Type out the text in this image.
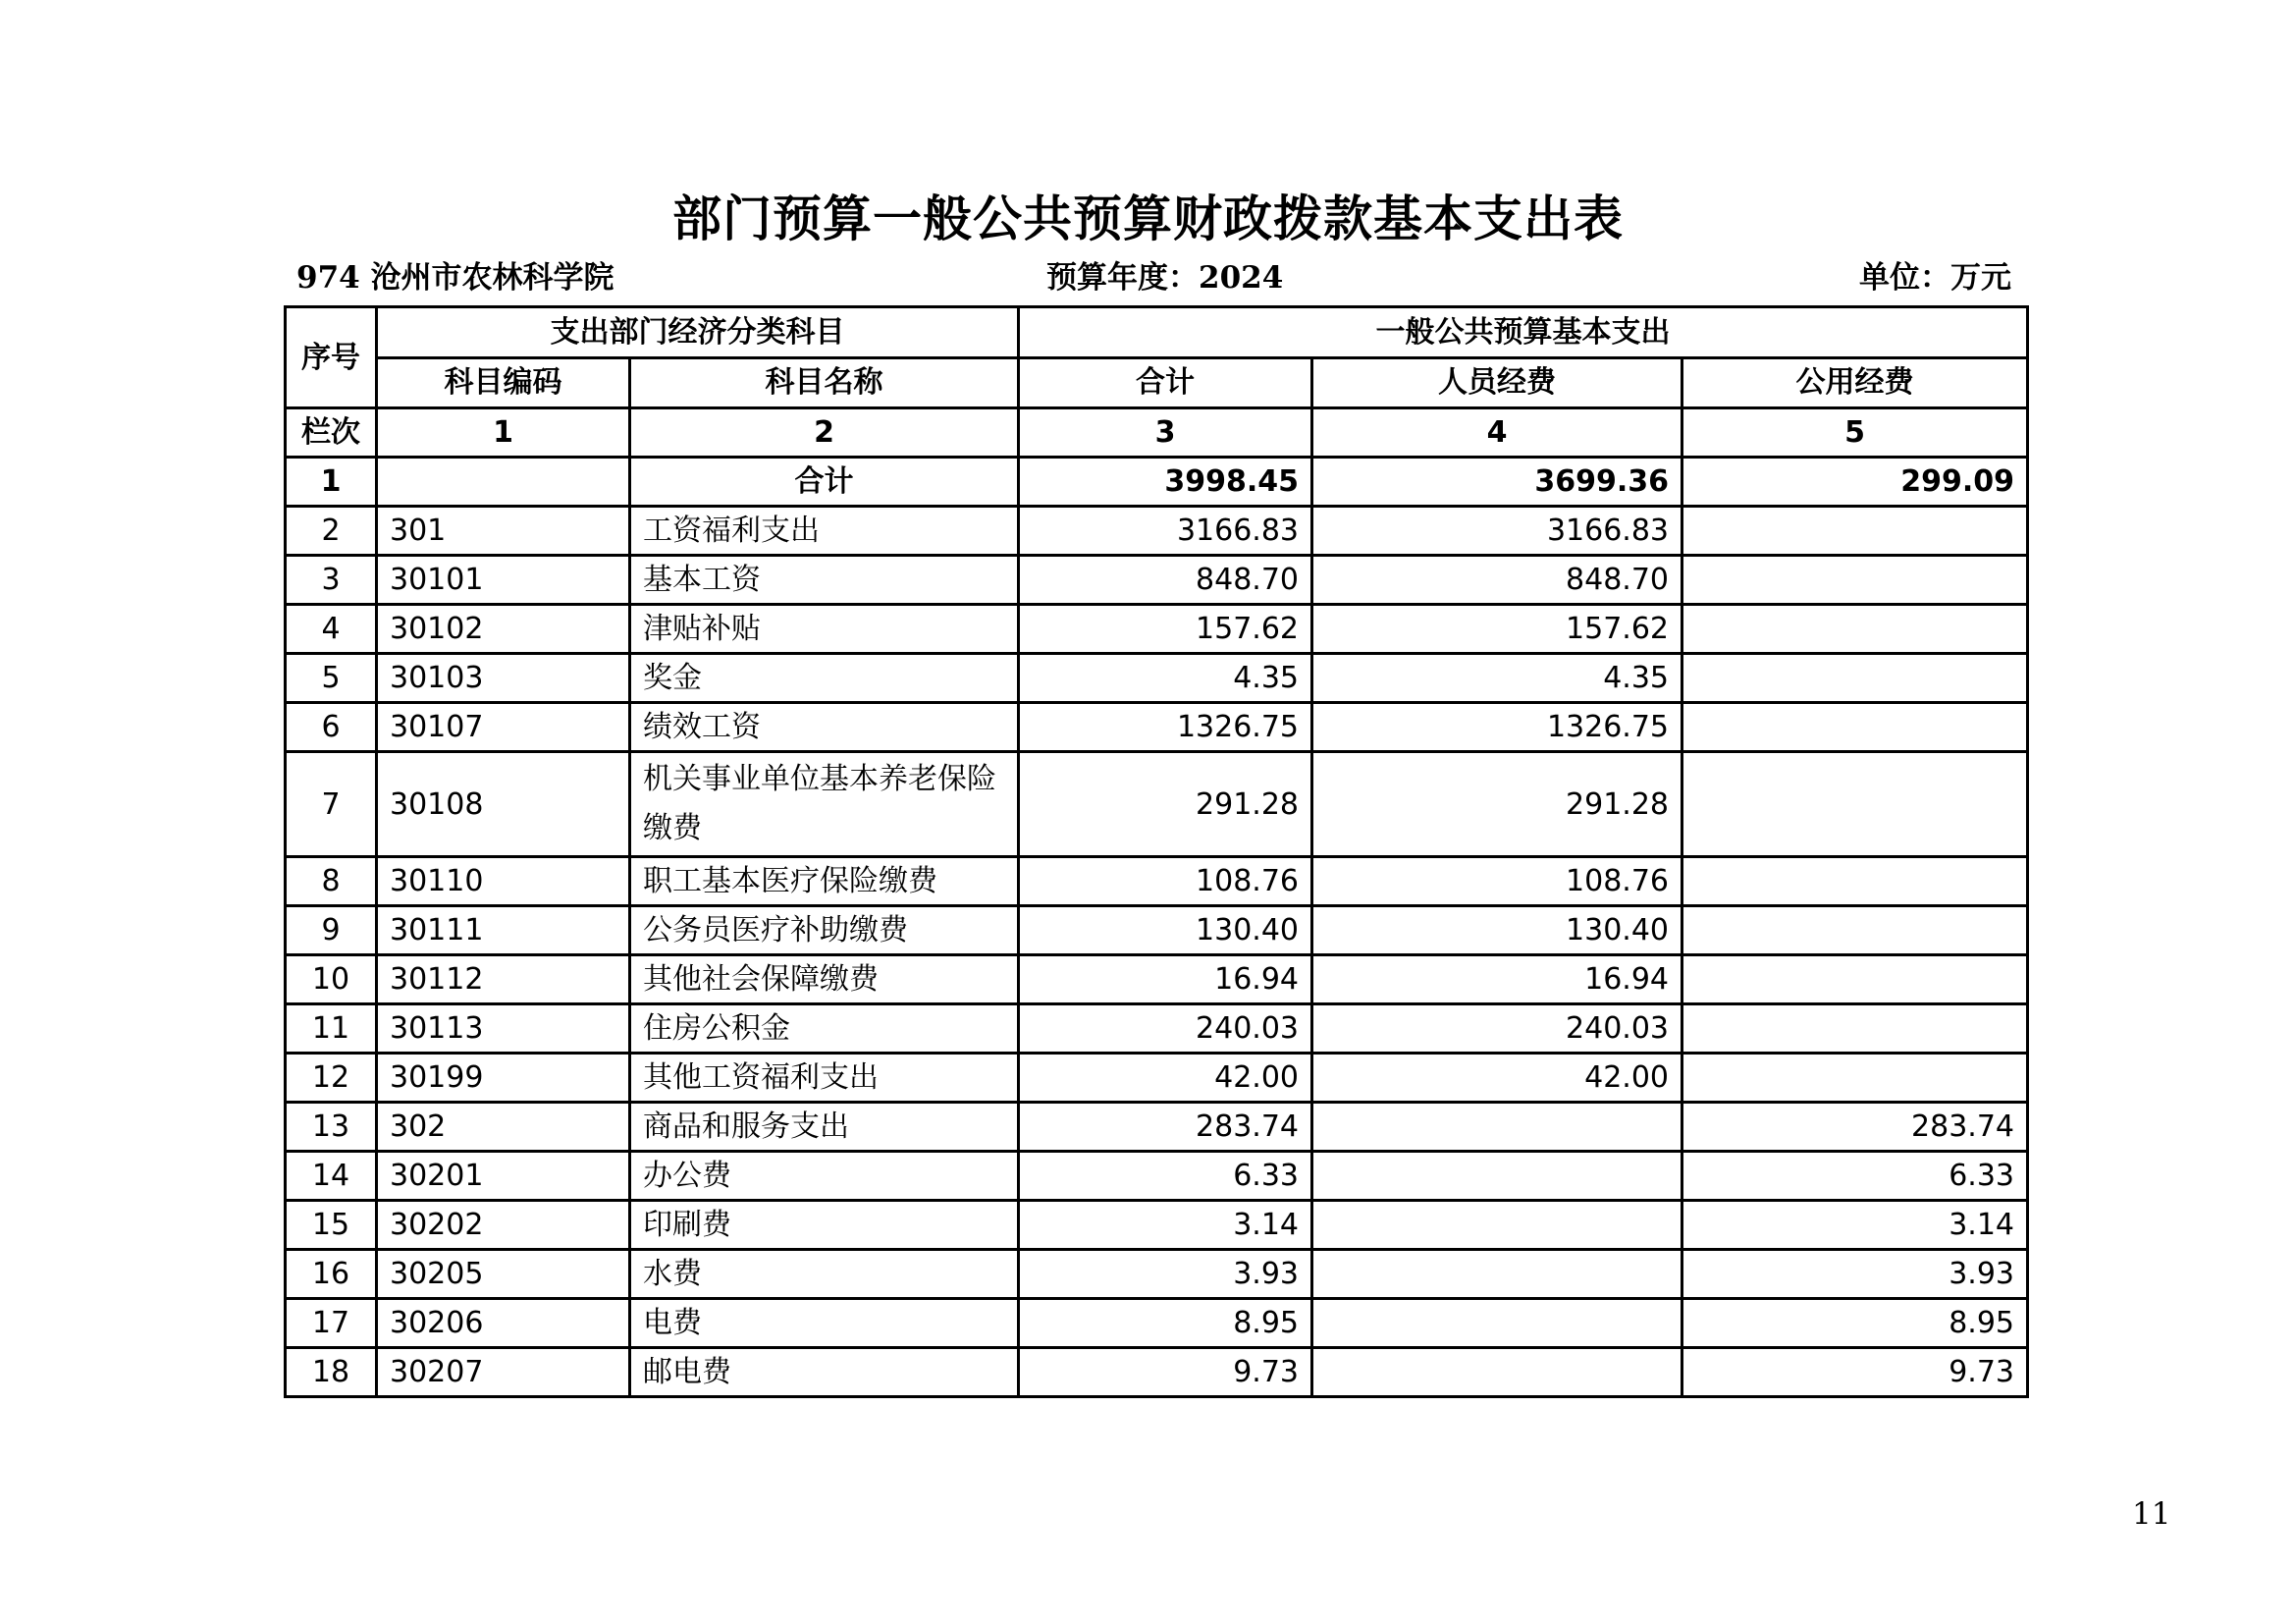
部门预算一般公共预算财政拨款基本支出表
974 沧州市农林科学院	预算年度：2024	单位：万元
序号	支出部门经济分类科目		一般公共预算基本支出		
	科目编码	科目名称	合计	人员经费	公用经费
栏次	1	2	3	4	5
1		合计	3998.45	3699.36	299.09
2	301	工资福利支出	3166.83	3166.83	
3	30101	基本工资	848.70	848.70	
4	30102	津贴补贴	157.62	157.62	
5	30103	奖金	4.35	4.35	
6	30107	绩效工资	1326.75	1326.75	
7	30108	机关事业单位基本养老保险缴费	291.28	291.28	
8	30110	职工基本医疗保险缴费	108.76	108.76	
9	30111	公务员医疗补助缴费	130.40	130.40	
10	30112	其他社会保障缴费	16.94	16.94	
11	30113	住房公积金	240.03	240.03	
12	30199	其他工资福利支出	42.00	42.00	
13	302	商品和服务支出	283.74		283.74
14	30201	办公费	6.33		6.33
15	30202	印刷费	3.14		3.14
16	30205	水费	3.93		3.93
17	30206	电费	8.95		8.95
18	30207	邮电费	9.73		9.73
11
